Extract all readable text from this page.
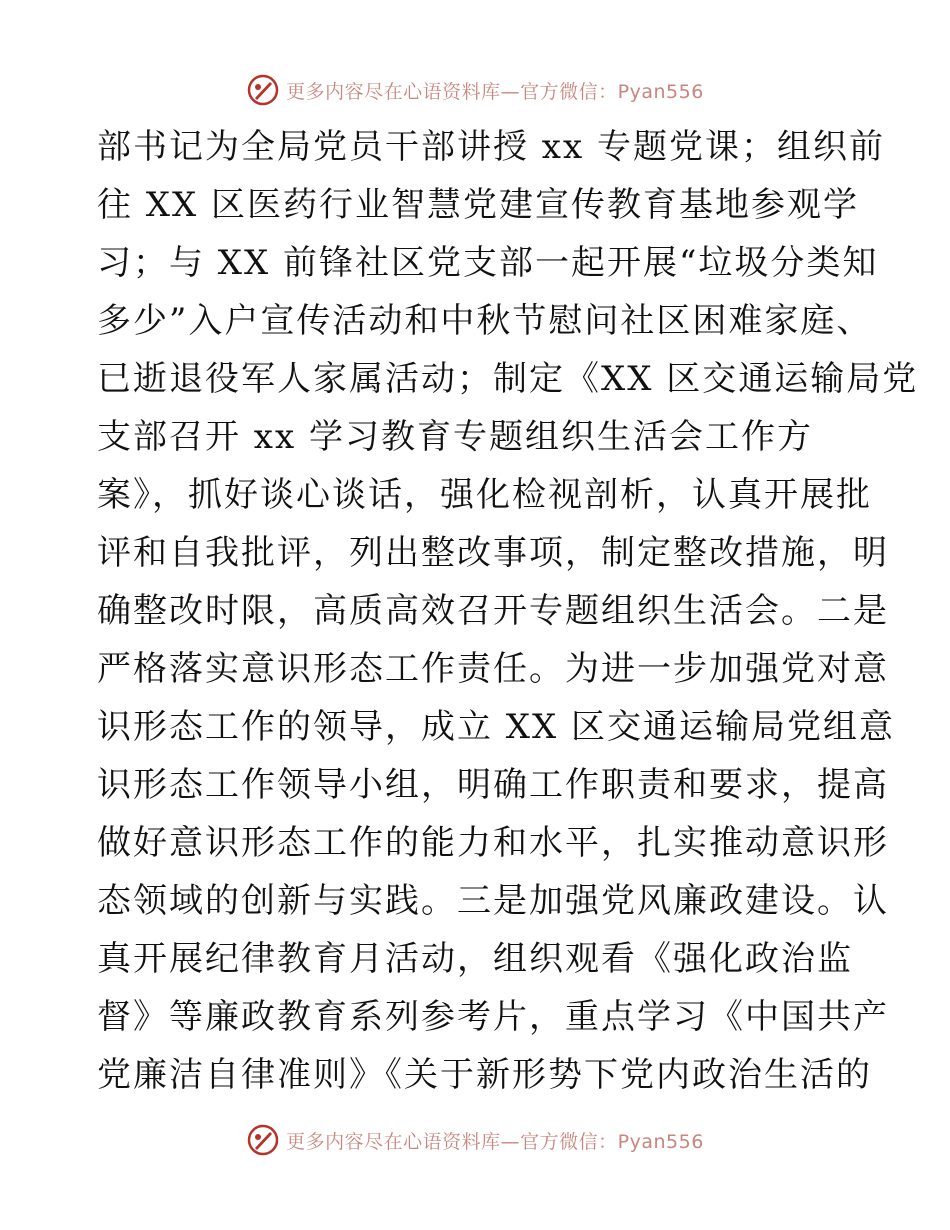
更多内容尽在心语资料库—官方微信：Pyan556
部书记为全局党员干部讲授 xx 专题党课；组织前
往 XX 区医药行业智慧党建宣传教育基地参观学
习；与 XX 前锋社区党支部一起开展“垃圾分类知
多少”入户宣传活动和中秋节慰问社区困难家庭、
已逝退役军人家属活动；制定《XX 区交通运输局党
支部召开 xx 学习教育专题组织生活会工作方
案》，抓好谈心谈话，强化检视剖析，认真开展批
评和自我批评，列出整改事项，制定整改措施，明
确整改时限，高质高效召开专题组织生活会。二是
严格落实意识形态工作责任。为进一步加强党对意
识形态工作的领导，成立 XX 区交通运输局党组意
识形态工作领导小组，明确工作职责和要求，提高
做好意识形态工作的能力和水平，扎实推动意识形
态领域的创新与实践。三是加强党风廉政建设。认
真开展纪律教育月活动，组织观看《强化政治监
督》等廉政教育系列参考片，重点学习《中国共产
党廉洁自律准则》《关于新形势下党内政治生活的
更多内容尽在心语资料库—官方微信：Pyan556
